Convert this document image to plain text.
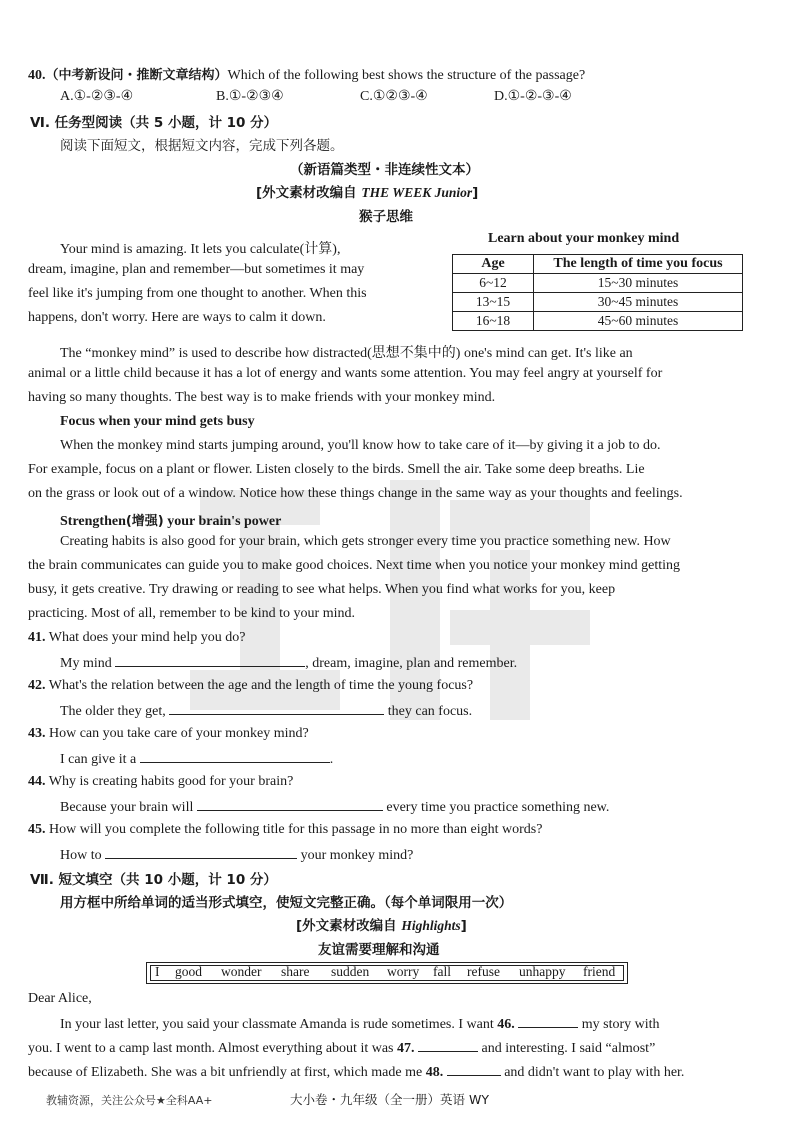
40.（中考新设问・推断文章结构）Which of the following best shows the structure of the passage?
A.①-②③-④	B.①-②③④	C.①②③-④	D.①-②-③-④
Ⅵ. 任务型阅读（共 5 小题，计 10 分）
阅读下面短文，根据短文内容，完成下列各题。
（新语篇类型・非连续性文本）
[外文素材改编自 THE WEEK Junior]
猴子思维
Your mind is amazing. It lets you calculate(计算),
dream, imagine, plan and remember—but sometimes it may
feel like it's jumping from one thought to another. When this
happens, don't worry. Here are ways to calm it down.
Learn about your monkey mind
Age	The length of time you focus
6~12	15~30 minutes
13~15	30~45 minutes
16~18	45~60 minutes
The “monkey mind” is used to describe how distracted(思想不集中的) one's mind can get. It's like an
animal or a little child because it has a lot of energy and wants some attention. You may feel angry at yourself for
having so many thoughts. The best way is to make friends with your monkey mind.
Focus when your mind gets busy
When the monkey mind starts jumping around, you'll know how to take care of it—by giving it a job to do.
For example, focus on a plant or flower. Listen closely to the birds. Smell the air. Take some deep breaths. Lie
on the grass or look out of a window. Notice how these things change in the same way as your thoughts and feelings.
Strengthen(增强) your brain's power
Creating habits is also good for your brain, which gets stronger every time you practice something new. How
the brain communicates can guide you to make good choices. Next time when you notice your monkey mind getting
busy, it gets creative. Try drawing or reading to see what helps. When you find what works for you, keep
practicing. Most of all, remember to be kind to your mind.
41. What does your mind help you do?
My mind	, dream, imagine, plan and remember.
42. What's the relation between the age and the length of time the young focus?
The older they get,	they can focus.
43. How can you take care of your monkey mind?
I can give it a	.
44. Why is creating habits good for your brain?
Because your brain will	every time you practice something new.
45. How will you complete the following title for this passage in no more than eight words?
How to	your monkey mind?
Ⅶ. 短文填空（共 10 小题，计 10 分）
用方框中所给单词的适当形式填空，使短文完整正确。（每个单词限用一次）
[外文素材改编自 Highlights]
友谊需要理解和沟通
I good wonder share sudden worry fall refuse unhappy friend
Dear Alice,
In your last letter, you said your classmate Amanda is rude sometimes. I want 46.	my story with
you. I went to a camp last month. Almost everything about it was 47.	and interesting. I said “almost”
because of Elizabeth. She was a bit unfriendly at first, which made me 48.	and didn't want to play with her.
教辅资源，关注公众号★全科AA+	大小卷・九年级（全一册）英语 WY
